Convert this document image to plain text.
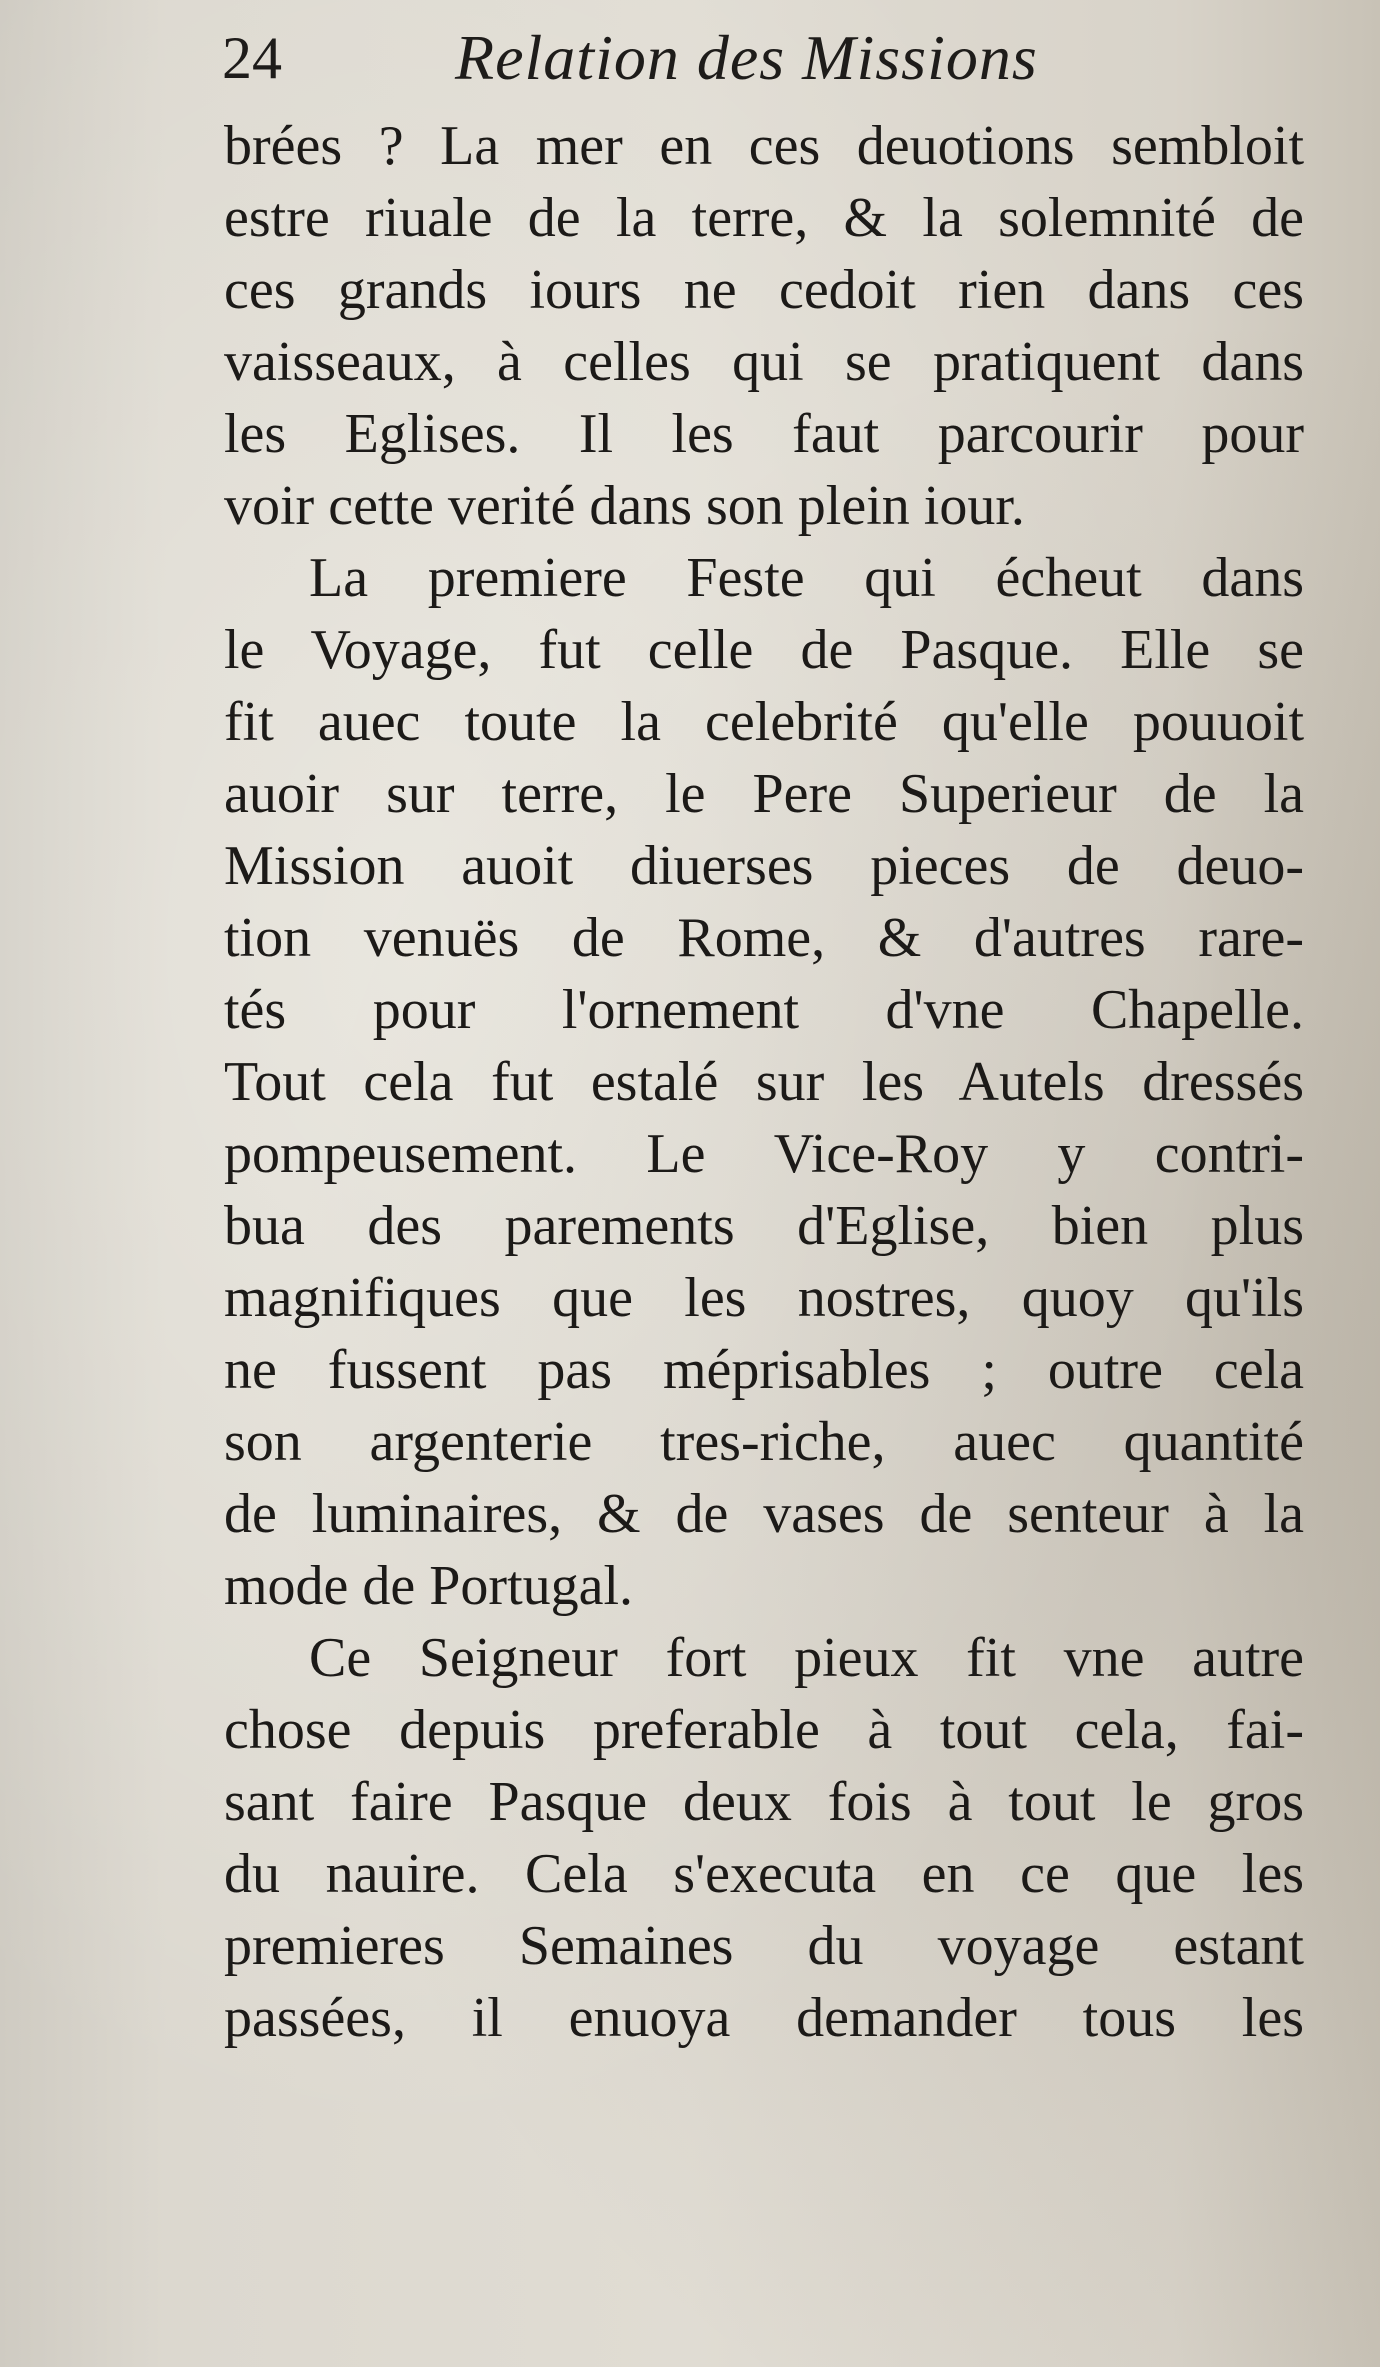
24	Relation des Missions
brées ? La mer en ces deuotions sembloit
estre riuale de la terre, & la solemnité de
ces grands iours ne cedoit rien dans ces
vaisseaux, à celles qui se pratiquent dans
les Eglises. Il les faut parcourir pour
voir cette verité dans son plein iour.
La premiere Feste qui écheut dans
le Voyage, fut celle de Pasque. Elle se
fit auec toute la celebrité qu'elle pouuoit
auoir sur terre, le Pere Superieur de la
Mission auoit diuerses pieces de deuo-
tion venuës de Rome, & d'autres rare-
tés pour l'ornement d'vne Chapelle.
Tout cela fut estalé sur les Autels dressés
pompeusement. Le Vice-Roy y contri-
bua des parements d'Eglise, bien plus
magnifiques que les nostres, quoy qu'ils
ne fussent pas méprisables ; outre cela
son argenterie tres-riche, auec quantité
de luminaires, & de vases de senteur à la
mode de Portugal.
Ce Seigneur fort pieux fit vne autre
chose depuis preferable à tout cela, fai-
sant faire Pasque deux fois à tout le gros
du nauire. Cela s'executa en ce que les
premieres Semaines du voyage estant
passées, il enuoya demander tous les
